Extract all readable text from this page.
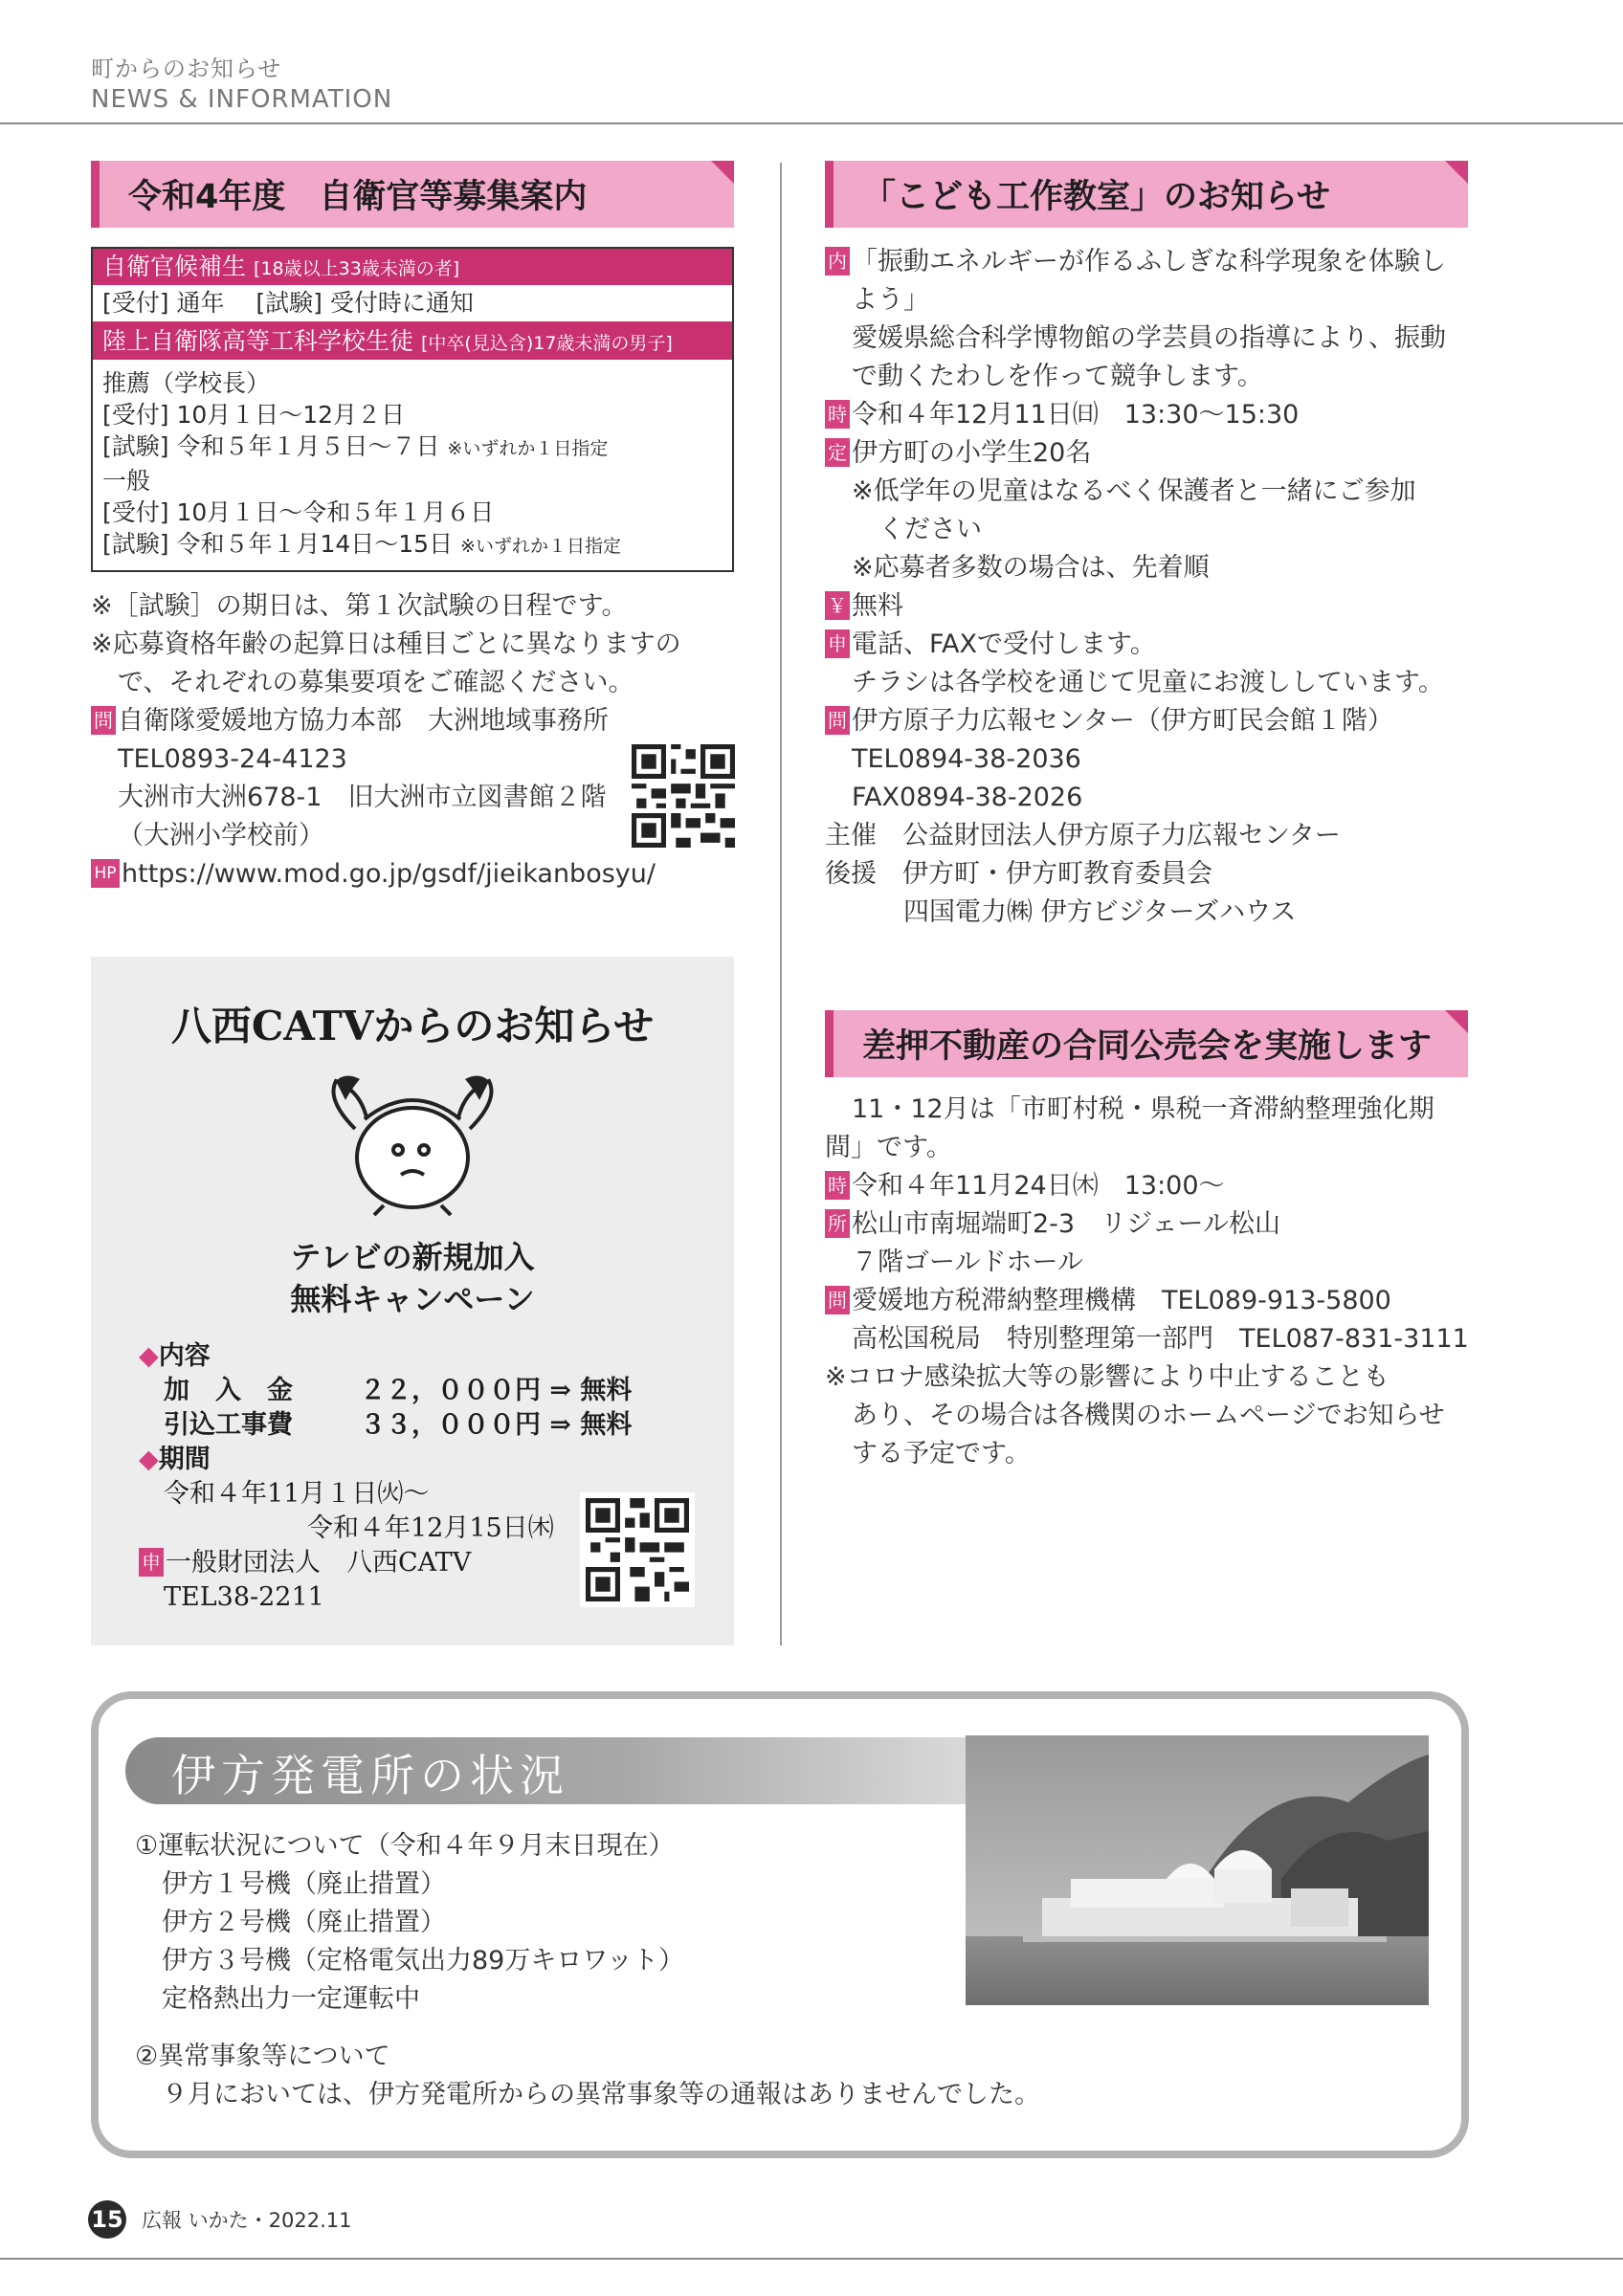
町からのお知らせ
NEWS & INFORMATION
令和4年度　自衛官等募集案内
自衛官候補生 [18歳以上33歳未満の者]
[受付] 通年　 [試験] 受付時に通知
陸上自衛隊高等工科学校生徒 [中卒(見込含)17歳未満の男子]
推薦（学校長）
[受付] 10月１日〜12月２日
[試験] 令和５年１月５日〜７日 ※いずれか１日指定
一般
[受付] 10月１日〜令和５年１月６日
[試験] 令和５年１月14日〜15日 ※いずれか１日指定
※［試験］の期日は、第１次試験の日程です。
※応募資格年齢の起算日は種目ごとに異なりますの
で、それぞれの募集要項をご確認ください。
問 自衛隊愛媛地方協力本部　大洲地域事務所
TEL0893-24-4123
大洲市大洲678-1　旧大洲市立図書館２階
（大洲小学校前）
HP https://www.mod.go.jp/gsdf/jieikanbosyu/
八西CATVからのお知らせ
テレビの新規加入
無料キャンペーン
◆内容
加　入　金	２２，０００円 ⇒ 無料
引込工事費	３３，０００円 ⇒ 無料
◆期間
令和４年11月１日㈫〜
令和４年12月15日㈭
申 一般財団法人　八西CATV
TEL38-2211
「こども工作教室」のお知らせ
内 「振動エネルギーが作るふしぎな科学現象を体験し
よう」
愛媛県総合科学博物館の学芸員の指導により、振動
で動くたわしを作って競争します。
時 令和４年12月11日㈰　13:30〜15:30
定 伊方町の小学生20名
※低学年の児童はなるべく保護者と一緒にご参加
ください
※応募者多数の場合は、先着順
￥ 無料
申 電話、FAXで受付します。
チラシは各学校を通じて児童にお渡ししています。
問 伊方原子力広報センター（伊方町民会館１階）
TEL0894-38-2036
FAX0894-38-2026
主催　公益財団法人伊方原子力広報センター
後援　伊方町・伊方町教育委員会
四国電力㈱ 伊方ビジターズハウス
差押不動産の合同公売会を実施します
11・12月は「市町村税・県税一斉滞納整理強化期
間」です。
時 令和４年11月24日㈭　13:00〜
所 松山市南堀端町2-3　リジェール松山
７階ゴールドホール
問 愛媛地方税滞納整理機構　TEL089-913-5800
高松国税局　特別整理第一部門　TEL087-831-3111
※コロナ感染拡大等の影響により中止することも
あり、その場合は各機関のホームページでお知らせ
する予定です。
伊方発電所の状況
①運転状況について（令和４年９月末日現在）
伊方１号機（廃止措置）
伊方２号機（廃止措置）
伊方３号機（定格電気出力89万キロワット）
定格熱出力一定運転中
②異常事象等について
９月においては、伊方発電所からの異常事象等の通報はありませんでした。
15 広報 いかた・2022.11
